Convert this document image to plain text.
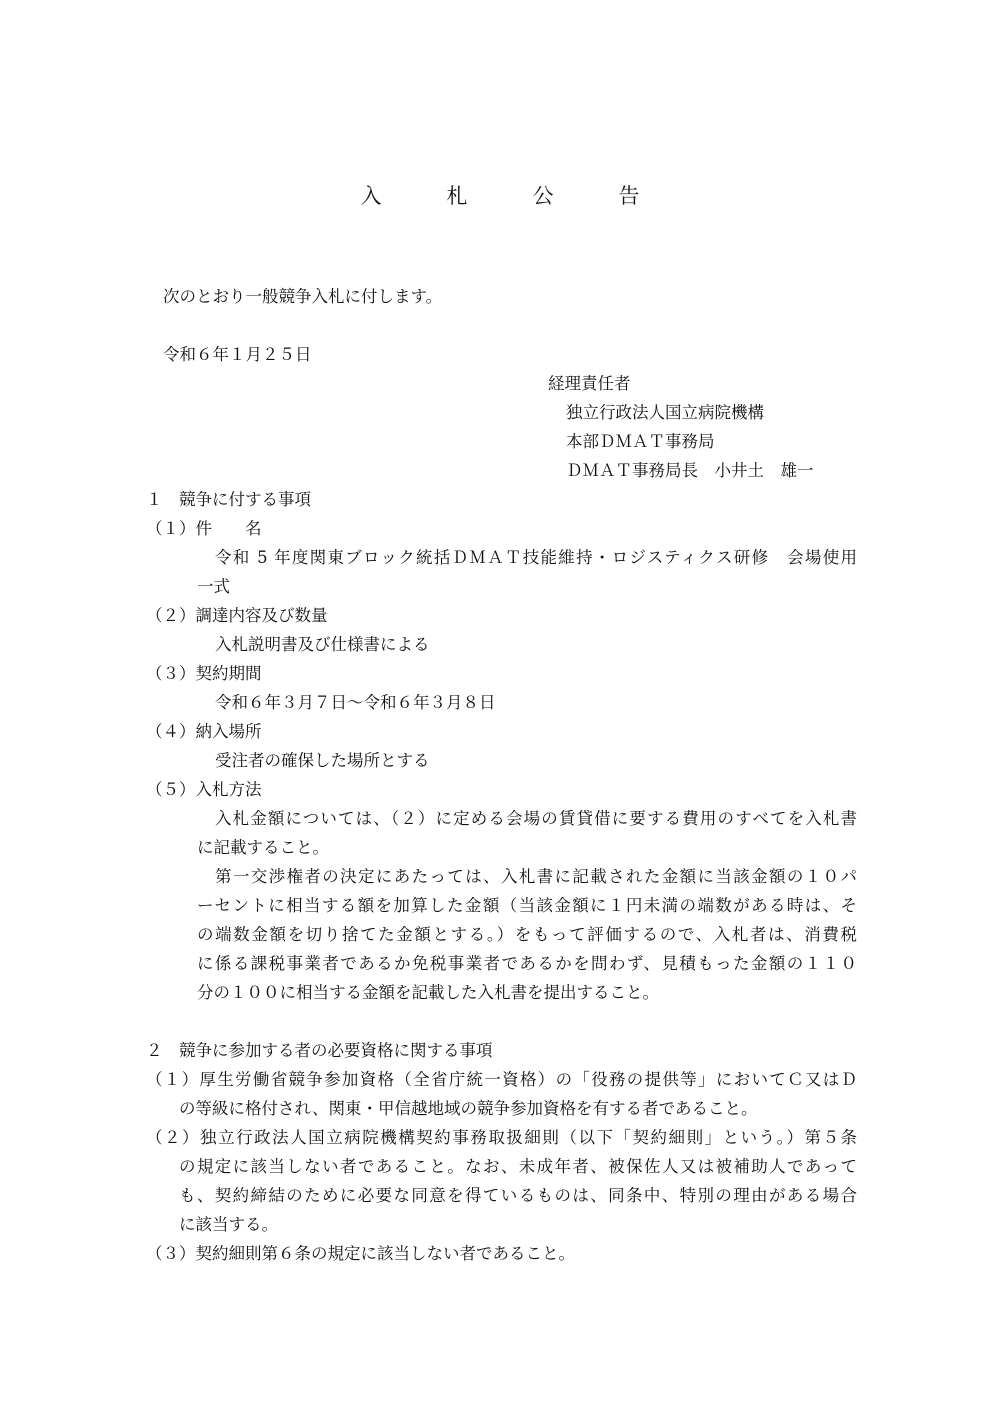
入　札　公　告

次のとおり一般競争入札に付します。

令和６年１月２５日

経理責任者

独立行政法人国立病院機構

本部ＤＭＡＴ事務局

ＤＭＡＴ事務局長　小井土　雄一

１　競争に付する事項

（１）件　　名

令和 5 年度関東ブロック統括ＤＭＡＴ技能維持・ロジスティクス研修　会場使用

一式

（２）調達内容及び数量

入札説明書及び仕様書による

（３）契約期間

令和６年３月７日～令和６年３月８日

（４）納入場所

受注者の確保した場所とする

（５）入札方法

入札金額については、（２）に定める会場の賃貸借に要する費用のすべてを入札書

に記載すること。

第一交渉権者の決定にあたっては、入札書に記載された金額に当該金額の１０パ

ーセントに相当する額を加算した金額（当該金額に１円未満の端数がある時は、そ

の端数金額を切り捨てた金額とする。）をもって評価するので、入札者は、消費税

に係る課税事業者であるか免税事業者であるかを問わず、見積もった金額の１１０

分の１００に相当する金額を記載した入札書を提出すること。

２　競争に参加する者の必要資格に関する事項

（１）厚生労働省競争参加資格（全省庁統一資格）の「役務の提供等」においてＣ又はＤ

の等級に格付され、関東・甲信越地域の競争参加資格を有する者であること。

（２）独立行政法人国立病院機構契約事務取扱細則（以下「契約細則」という。）第５条

の規定に該当しない者であること。なお、未成年者、被保佐人又は被補助人であって

も、契約締結のために必要な同意を得ているものは、同条中、特別の理由がある場合

に該当する。

（３）契約細則第６条の規定に該当しない者であること。
